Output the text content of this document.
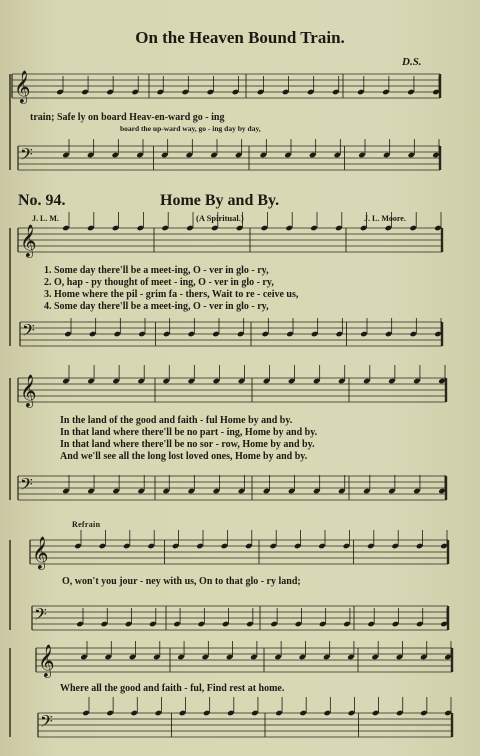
𝄞
𝄢
𝄞
𝄢
𝄞
𝄢
𝄞
𝄢
𝄞
𝄢
On the Heaven Bound Train.
D.S.
train; Safe ly on board Heav-en-ward go - ing
board the up-ward way, go - ing day by day,
No. 94.	Home By and By.
J. L. M.	(A Spiritual.)	J. L. Moore.
1. Some day there'll be a meet-ing, O - ver in glo - ry,
2. O, hap - py thought of meet - ing, O - ver in glo - ry,
3. Home where the pil - grim fa - thers, Wait to re - ceive us,
4. Some day there'll be a meet-ing, O - ver in glo - ry,
In the land of the good and faith - ful Home by and by.
In that land where there'll be no part - ing, Home by and by.
In that land where there'll be no sor - row, Home by and by.
And we'll see all the long lost loved ones, Home by and by.
Refrain
O, won't you jour - ney with us, On to that glo - ry land;
Where all the good and faith - ful, Find rest at home.
